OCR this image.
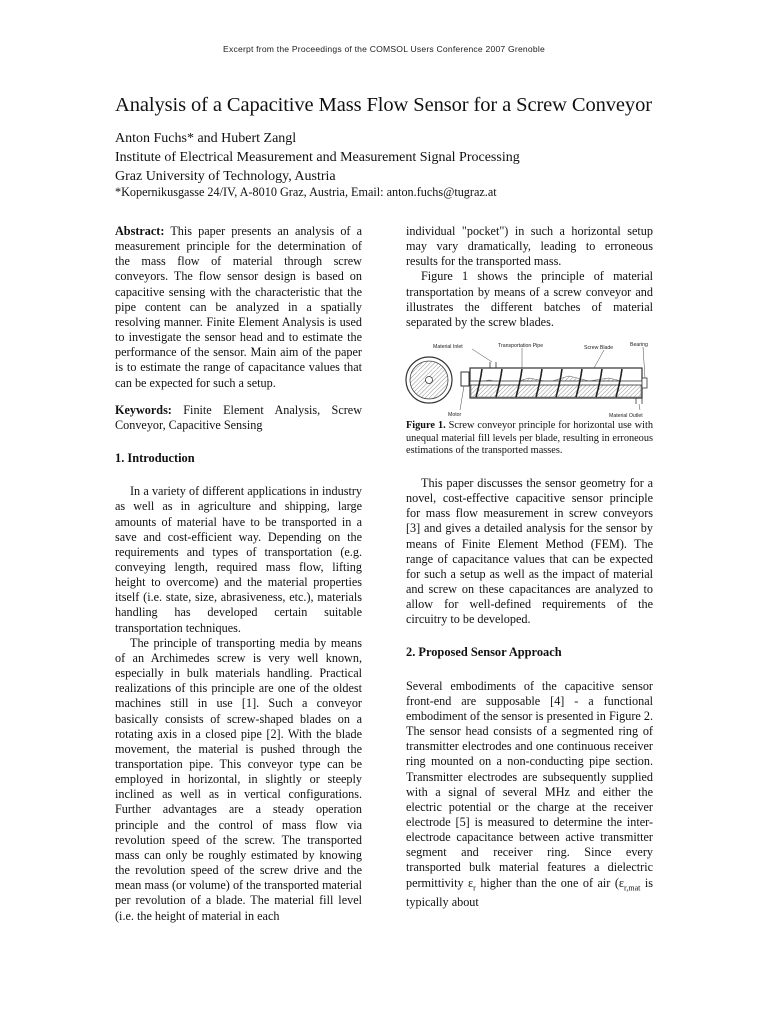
Excerpt from the Proceedings of the COMSOL Users Conference 2007 Grenoble
Analysis of a Capacitive Mass Flow Sensor for a Screw Conveyor
Anton Fuchs* and Hubert Zangl
Institute of Electrical Measurement and Measurement Signal Processing
Graz University of Technology, Austria
*Kopernikusgasse 24/IV, A-8010 Graz, Austria, Email: anton.fuchs@tugraz.at

Abstract: This paper presents an analysis of a measurement principle for the determination of the mass flow of material through screw conveyors. The flow sensor design is based on capacitive sensing with the characteristic that the pipe content can be analyzed in a spatially resolving manner. Finite Element Analysis is used to investigate the sensor head and to estimate the performance of the sensor. Main aim of the paper is to estimate the range of capacitance values that can be expected for such a setup.

Keywords: Finite Element Analysis, Screw Conveyor, Capacitive Sensing

1. Introduction

In a variety of different applications in industry as well as in agriculture and shipping, large amounts of material have to be transported in a save and cost-efficient way. Depending on the requirements and types of transportation (e.g. conveying length, required mass flow, lifting height to overcome) and the material properties itself (i.e. state, size, abrasiveness, etc.), materials handling has developed certain suitable transportation techniques.

The principle of transporting media by means of an Archimedes screw is very well known, especially in bulk materials handling. Practical realizations of this principle are one of the oldest machines still in use [1]. Such a conveyor basically consists of screw-shaped blades on a rotating axis in a closed pipe [2]. With the blade movement, the material is pushed through the transportation pipe. This conveyor type can be employed in horizontal, in slightly or steeply inclined as well as in vertical configurations. Further advantages are a steady operation principle and the control of mass flow via revolution speed of the screw. The transported mass can only be roughly estimated by knowing the revolution speed of the screw drive and the mean mass (or volume) of the transported material per revolution of a blade. The material fill level (i.e. the height of material in each

individual "pocket") in such a horizontal setup may vary dramatically, leading to erroneous results for the transported mass.

Figure 1 shows the principle of material transportation by means of a screw conveyor and illustrates the different batches of material separated by the screw blades.

Material Inlet	Transportation Pipe	Screw Blade	Bearing
Motor	Material Outlet

Figure 1. Screw conveyor principle for horizontal use with unequal material fill levels per blade, resulting in erroneous estimations of the transported masses.

This paper discusses the sensor geometry for a novel, cost-effective capacitive sensor principle for mass flow measurement in screw conveyors [3] and gives a detailed analysis for the sensor by means of Finite Element Method (FEM). The range of capacitance values that can be expected for such a setup as well as the impact of material and screw on these capacitances are analyzed to allow for well-defined requirements of the circuitry to be developed.

2. Proposed Sensor Approach

Several embodiments of the capacitive sensor front-end are supposable [4] - a functional embodiment of the sensor is presented in Figure 2. The sensor head consists of a segmented ring of transmitter electrodes and one continuous receiver ring mounted on a non-conducting pipe section. Transmitter electrodes are subsequently supplied with a signal of several MHz and either the electric potential or the charge at the receiver electrode [5] is measured to determine the inter-electrode capacitance between active transmitter segment and receiver ring. Since every transported bulk material features a dielectric permittivity $\varepsilon_r$ higher than the one of air ($\varepsilon_{r,mat}$ is typically about
